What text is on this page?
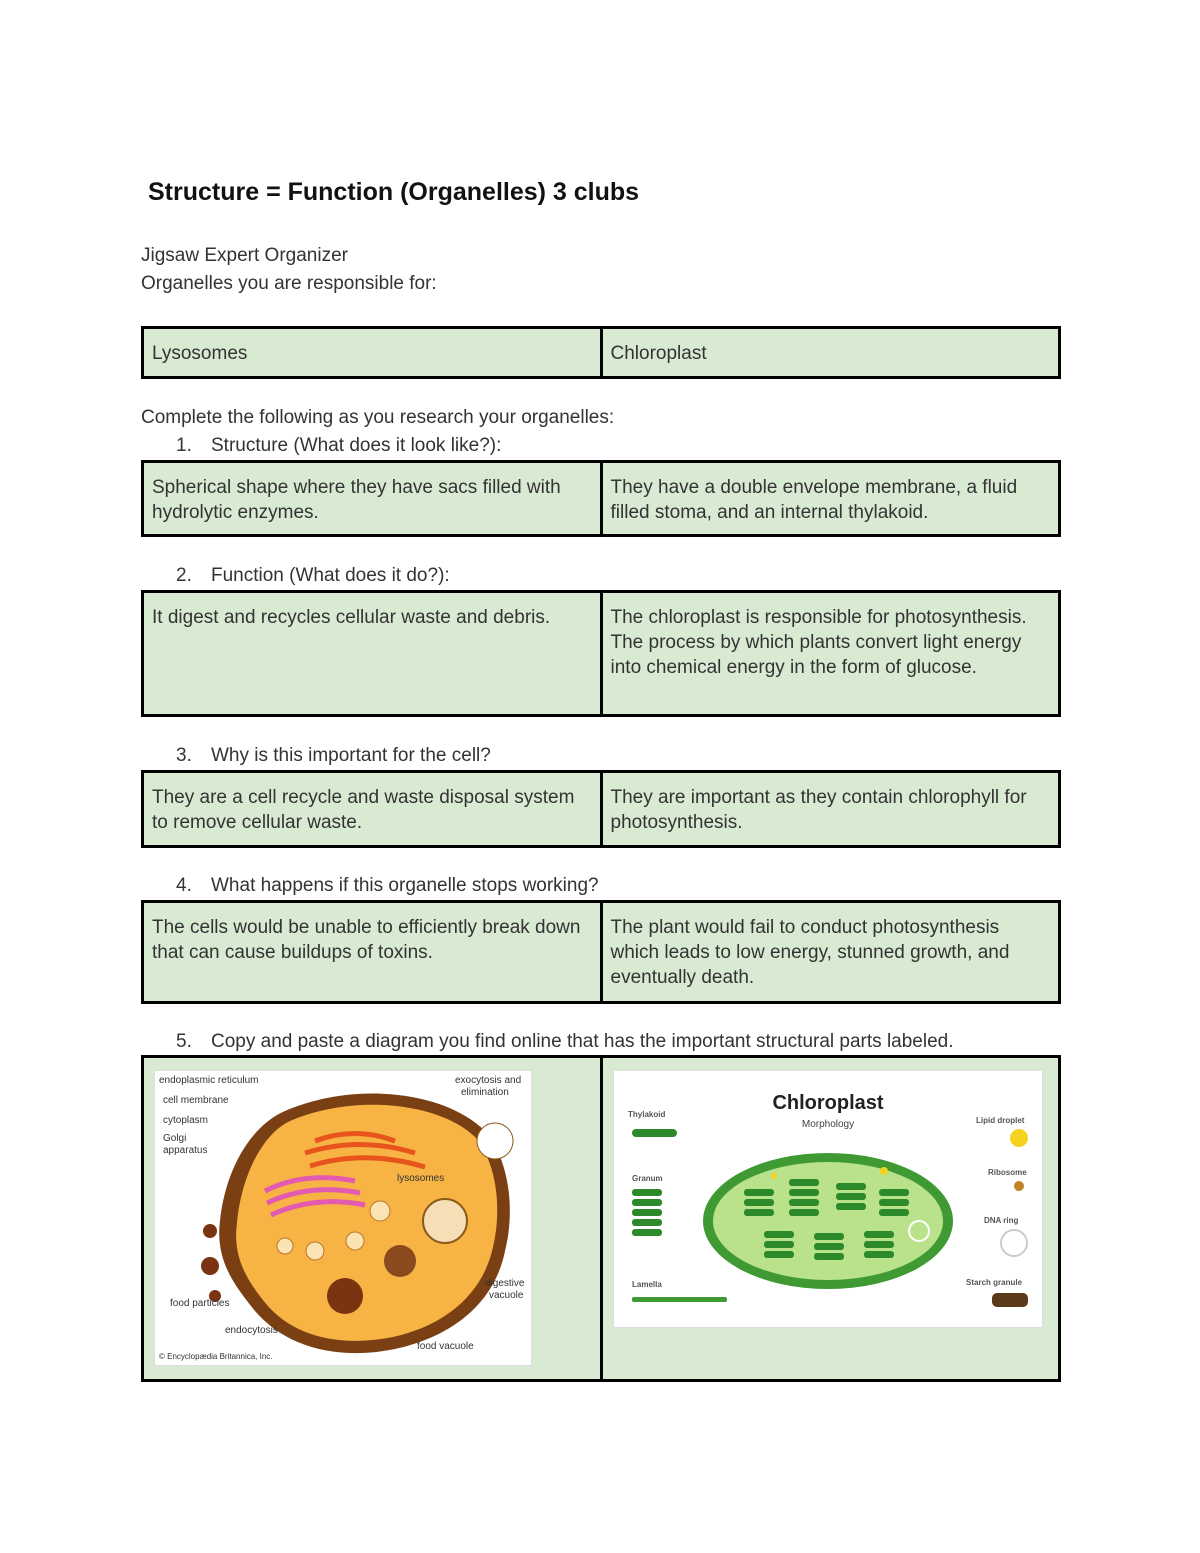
Structure = Function (Organelles) 3 clubs
Jigsaw Expert Organizer
Organelles you are responsible for:
Lysosomes	Chloroplast
Complete the following as you research your organelles:
1. Structure (What does it look like?):
Spherical shape where they have sacs filled with hydrolytic enzymes.	They have a double envelope membrane, a fluid filled stoma, and an internal thylakoid.
2. Function (What does it do?):
It digest and recycles cellular waste and debris.	The chloroplast is responsible for photosynthesis. The process by which plants convert light energy into chemical energy in the form of glucose.
3. Why is this important for the cell?
They are a cell recycle and waste disposal system to remove cellular waste.	They are important as they contain chlorophyll for photosynthesis.
4. What happens if this organelle stops working?
The cells would be unable to efficiently break down that can cause buildups of toxins.	The plant would fail to conduct photosynthesis which leads to low energy, stunned growth, and eventually death.
5. Copy and paste a diagram you find online that has the important structural parts labeled.
endoplasmic reticulum
cell membrane
cytoplasm
Golgi
apparatus
exocytosis and
elimination
lysosomes
digestive
vacuole
food particles
endocytosis
food vacuole
© Encyclopædia Britannica, Inc.

Chloroplast
Morphology
Thylakoid
Granum
Lamella
Lipid droplet
Ribosome
DNA ring
Starch granule
